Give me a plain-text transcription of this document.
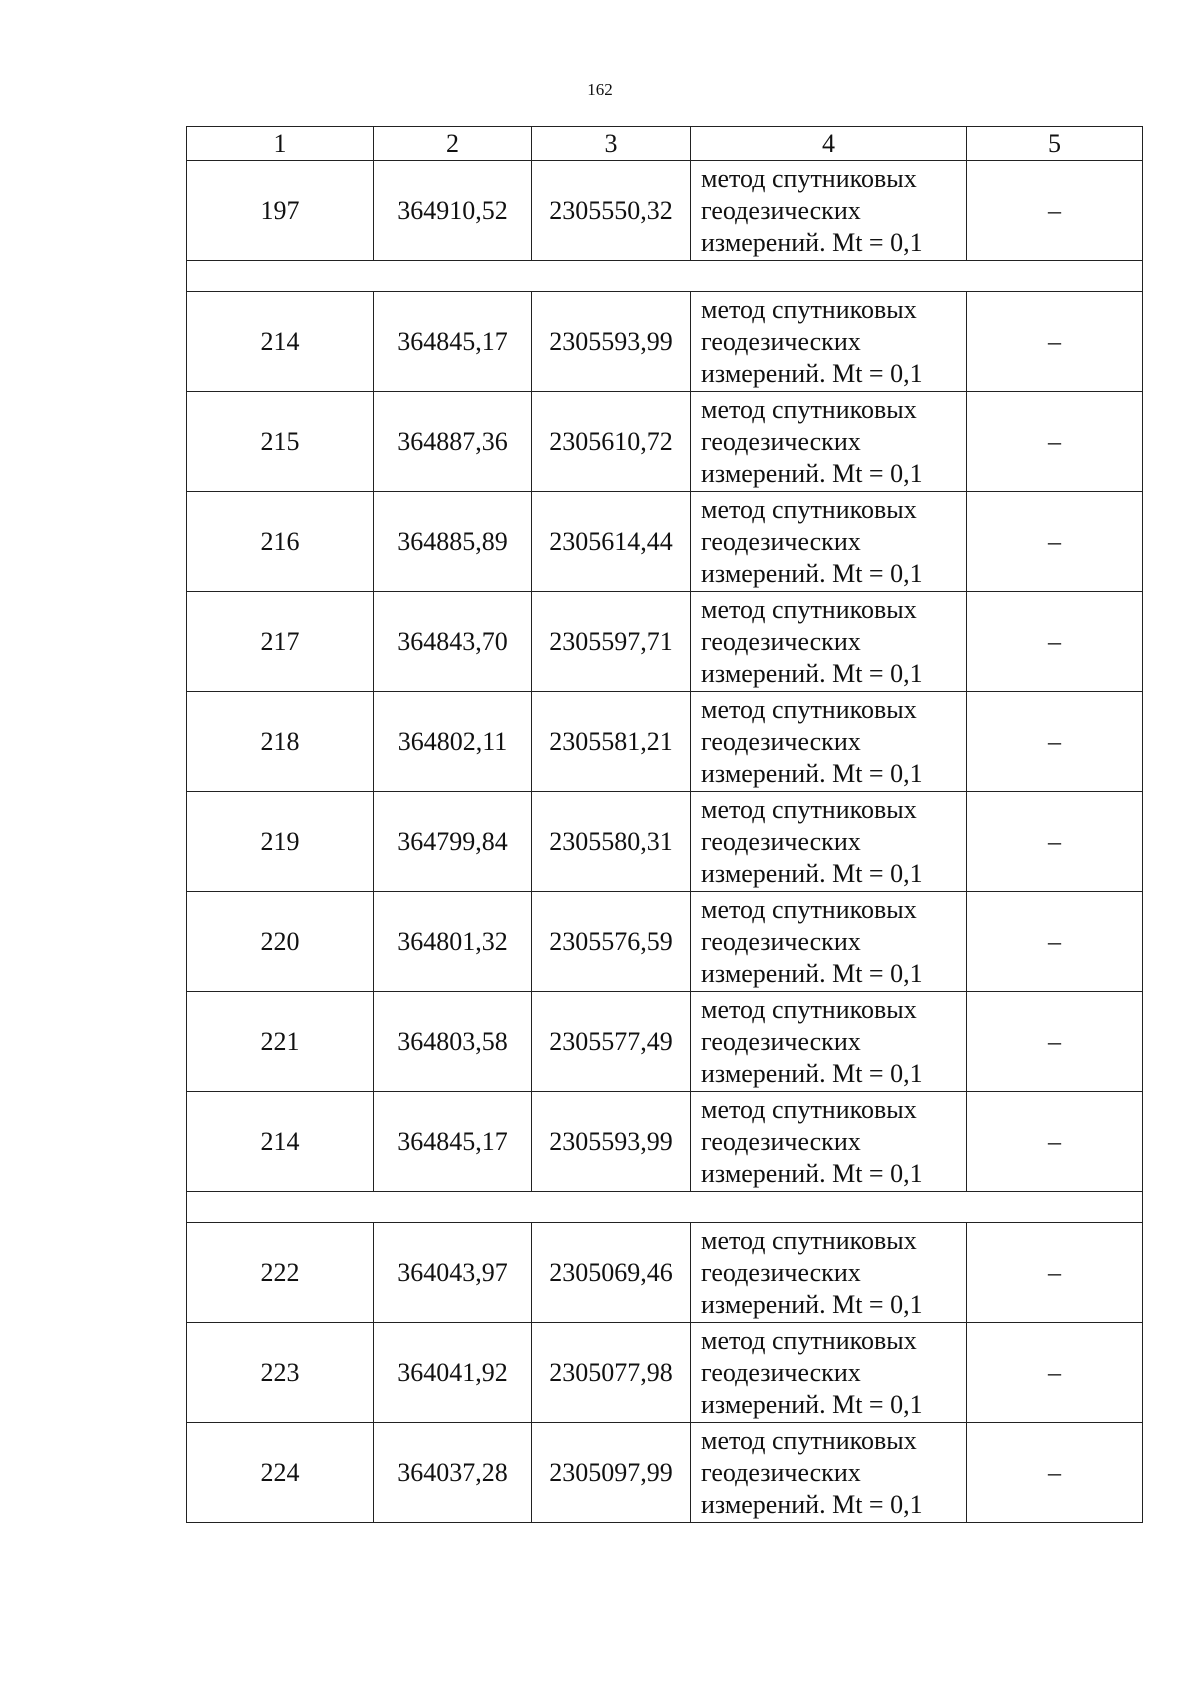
162
1	2	3	4	5
197	364910,52	2305550,32	метод спутниковых геодезических измерений. Mt = 0,1	–

214	364845,17	2305593,99	метод спутниковых геодезических измерений. Mt = 0,1	–
215	364887,36	2305610,72	метод спутниковых геодезических измерений. Mt = 0,1	–
216	364885,89	2305614,44	метод спутниковых геодезических измерений. Mt = 0,1	–
217	364843,70	2305597,71	метод спутниковых геодезических измерений. Mt = 0,1	–
218	364802,11	2305581,21	метод спутниковых геодезических измерений. Mt = 0,1	–
219	364799,84	2305580,31	метод спутниковых геодезических измерений. Mt = 0,1	–
220	364801,32	2305576,59	метод спутниковых геодезических измерений. Mt = 0,1	–
221	364803,58	2305577,49	метод спутниковых геодезических измерений. Mt = 0,1	–
214	364845,17	2305593,99	метод спутниковых геодезических измерений. Mt = 0,1	–

222	364043,97	2305069,46	метод спутниковых геодезических измерений. Mt = 0,1	–
223	364041,92	2305077,98	метод спутниковых геодезических измерений. Mt = 0,1	–
224	364037,28	2305097,99	метод спутниковых геодезических измерений. Mt = 0,1	–
